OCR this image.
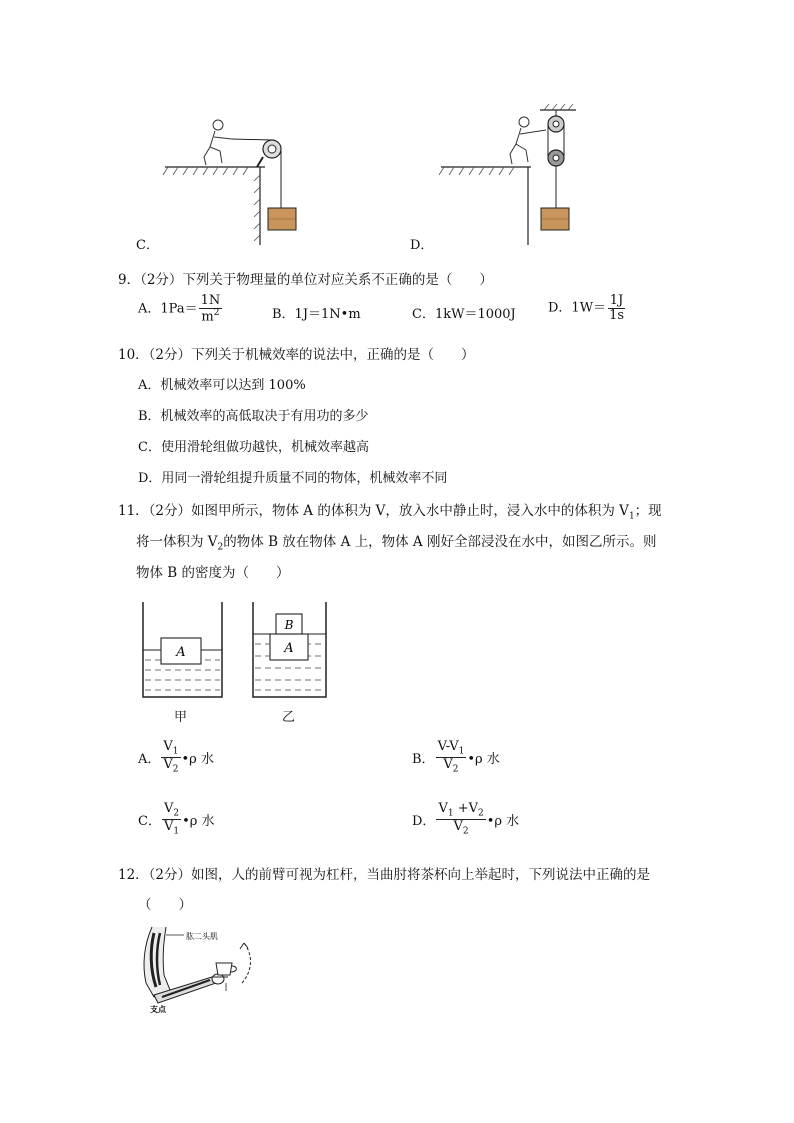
C．	D．
9．（2分）下列关于物理量的单位对应关系不正确的是（　　）
A．$1Pa= \frac{1N}{m^2}$	B．1J＝1N•m	C．1kW＝1000J D．$1W= \frac{1J}{1s}$
10．（2分）下列关于机械效率的说法中，正确的是（　　）
A．机械效率可以达到 100%
B．机械效率的高低取决于有用功的多少
C．使用滑轮组做功越快，机械效率越高
D．用同一滑轮组提升质量不同的物体，机械效率不同
11．（2分）如图甲所示，物体 A 的体积为 V，放入水中静止时，浸入水中的体积为 $V_1$；现
将一体积为 $V_2$的物体 B 放在物体 A 上，物体 A 刚好全部浸没在水中，如图乙所示。则
物体 B 的密度为（　　）
A
甲
A
B
乙
A． $\frac{V_1}{V_2}$ •ρ 水	B． $\frac{V-V_1}{V_2}$ •ρ 水
C． $\frac{V_2}{V_1}$ •ρ 水	D． $\frac{V_1 +V_2}{V_2}$ •ρ 水
12．（2分）如图，人的前臂可视为杠杆，当曲肘将茶杯向上举起时，下列说法中正确的是
（　　）
肱二头肌
支点
